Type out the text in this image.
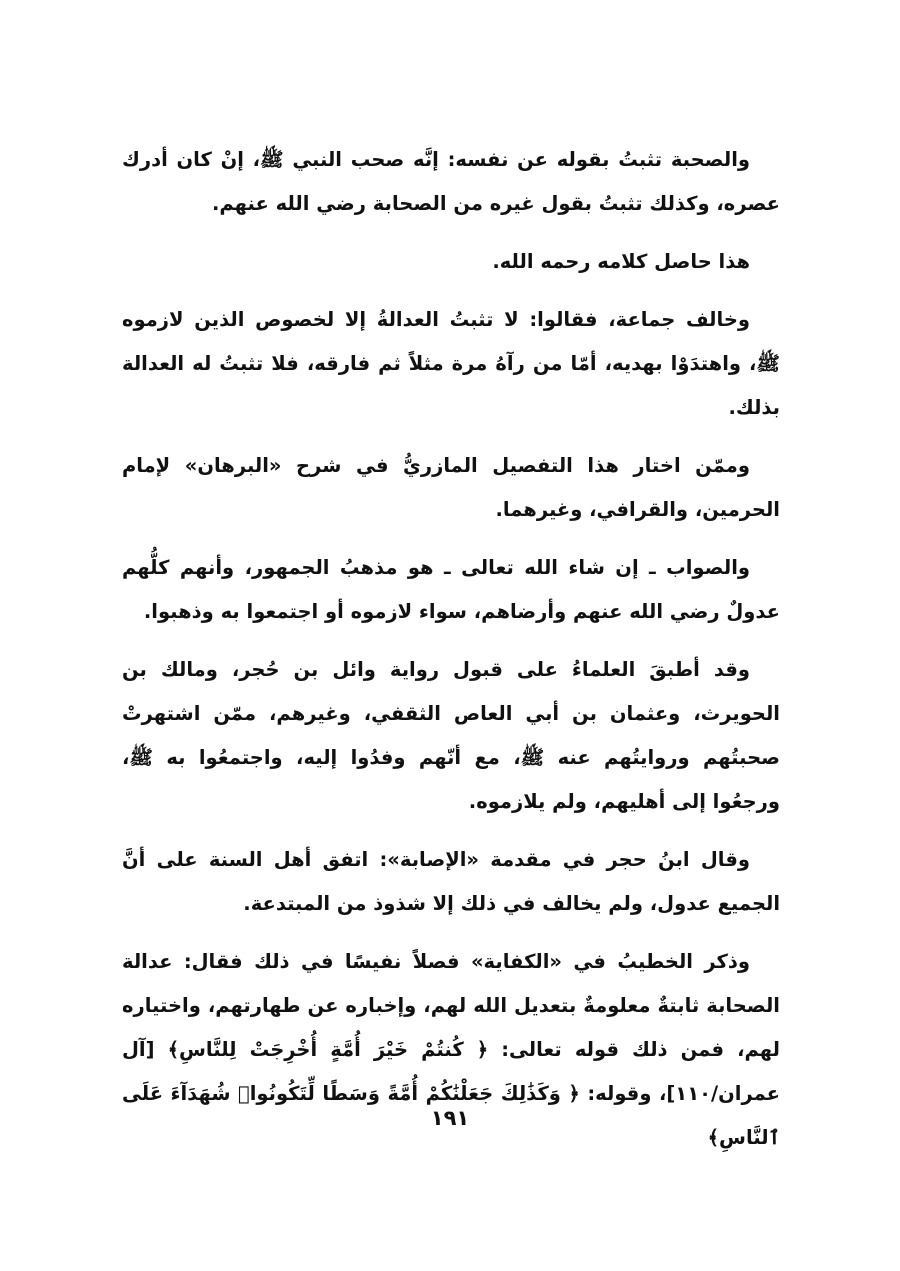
والصحبة تثبتُ بقوله عن نفسه: إنَّه صحب النبي ﷺ، إنْ كان أدرك عصره، وكذلك تثبتُ بقول غيره من الصحابة رضي الله عنهم.

هذا حاصل كلامه رحمه الله.

وخالف جماعة، فقالوا: لا تثبتُ العدالةُ إلا لخصوص الذين لازموه ﷺ، واهتدَوْا بهديه، أمّا من رآهُ مرة مثلاً ثم فارقه، فلا تثبتُ له العدالة بذلك.

وممّن اختار هذا التفصيل المازريُّ في شرح «البرهان» لإمام الحرمين، والقرافي، وغيرهما.

والصواب ـ إن شاء الله تعالى ـ هو مذهبُ الجمهور، وأنهم كلُّهم عدولٌ رضي الله عنهم وأرضاهم، سواء لازموه أو اجتمعوا به وذهبوا.

وقد أطبقَ العلماءُ على قبول رواية وائل بن حُجر، ومالك بن الحويرث، وعثمان بن أبي العاص الثقفي، وغيرهم، ممّن اشتهرتْ صحبتُهم وروايتُهم عنه ﷺ، مع أنّهم وفدُوا إليه، واجتمعُوا به ﷺ، ورجعُوا إلى أهليهم، ولم يلازموه.

وقال ابنُ حجر في مقدمة «الإصابة»: اتفق أهل السنة على أنَّ الجميع عدول، ولم يخالف في ذلك إلا شذوذ من المبتدعة.

وذكر الخطيبُ في «الكفاية» فصلاً نفيسًا في ذلك فقال: عدالة الصحابة ثابتةٌ معلومةٌ بتعديل الله لهم، وإخباره عن طهارتهم، واختياره لهم، فمن ذلك قوله تعالى: ﴿ كُنتُمْ خَيْرَ أُمَّةٍ أُخْرِجَتْ لِلنَّاسِ﴾ [آل عمران/١١٠]، وقوله: ﴿ وَكَذَٰلِكَ جَعَلْنَٰكُمْ أُمَّةً وَسَطًا لِّتَكُونُوا۟ شُهَدَآءَ عَلَى ٱلنَّاسِ﴾

١٩١
